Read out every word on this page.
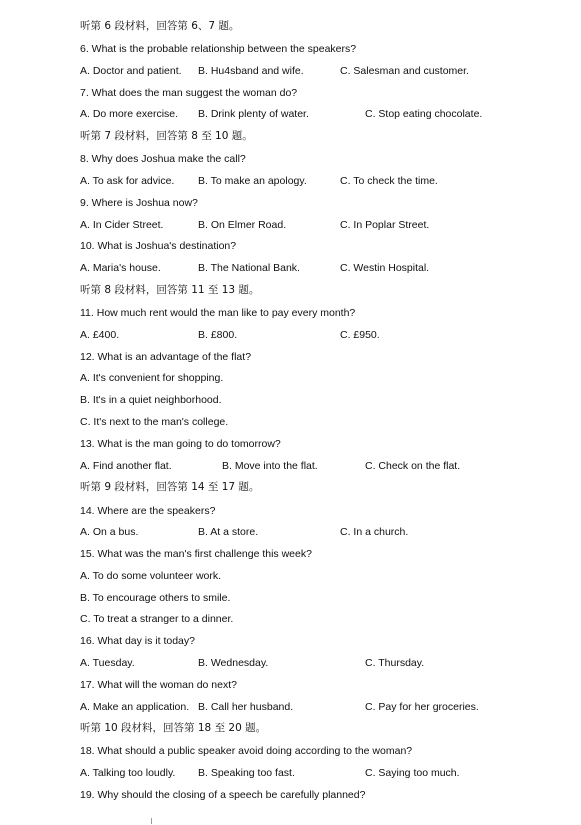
听第 6 段材料，回答第 6、7 题。
6. What is the probable relationship between the speakers?
A. Doctor and patient. B. Hu4sband and wife.	C. Salesman and customer.
7. What does the man suggest the woman do?
A. Do more exercise. B. Drink plenty of water.	C. Stop eating chocolate.
听第 7 段材料，回答第 8 至 10 题。
8. Why does Joshua make the call?
A. To ask for advice. B. To make an apology.	C. To check the time.
9. Where is Joshua now?
A. In Cider Street.	B. On Elmer Road.	C. In Poplar Street.
10. What is Joshua's destination?
A. Maria's house.	B. The National Bank.	C. Westin Hospital.
听第 8 段材料，回答第 11 至 13 题。
11. How much rent would the man like to pay every month?
A. £400.	B. £800.	C. £950.
12. What is an advantage of the flat?
A. It's convenient for shopping.
B. It's in a quiet neighborhood.
C. It's next to the man's college.
13. What is the man going to do tomorrow?
A. Find another flat.	B. Move into the flat.	C. Check on the flat.
听第 9 段材料，回答第 14 至 17 题。
14. Where are the speakers?
A. On a bus.	B. At a store.	C. In a church.
15. What was the man's first challenge this week?
A. To do some volunteer work.
B. To encourage others to smile.
C. To treat a stranger to a dinner.
16. What day is it today?
A. Tuesday.	B. Wednesday.	C. Thursday.
17. What will the woman do next?
A. Make an application. B. Call her husband.	C. Pay for her groceries.
听第 10 段材料，回答第 18 至 20 题。
18. What should a public speaker avoid doing according to the woman?
A. Talking too loudly. B. Speaking too fast.	C. Saying too much.
19. Why should the closing of a speech be carefully planned?
